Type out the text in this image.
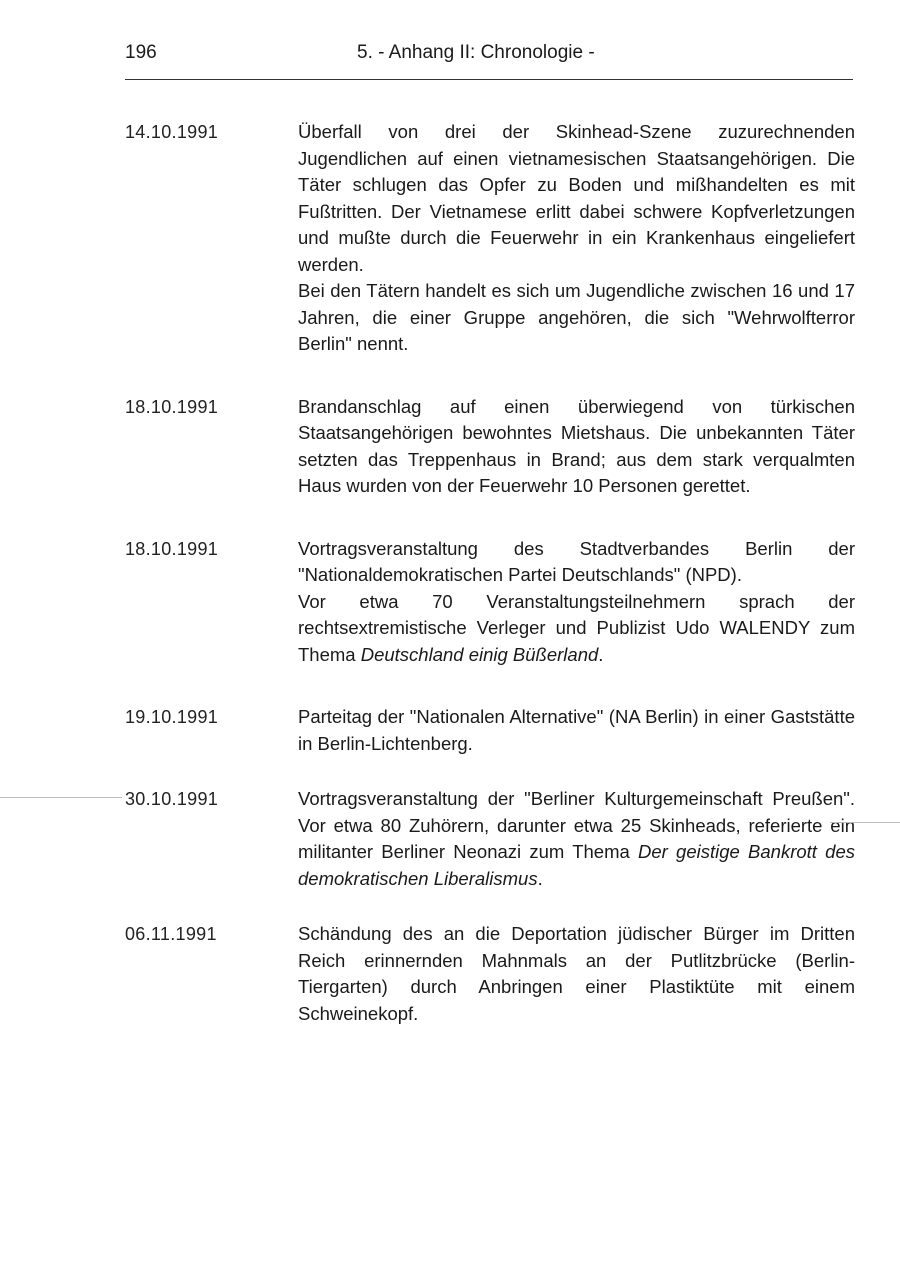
196	5. - Anhang II: Chronologie -
14.10.1991	Überfall von drei der Skinhead-Szene zuzurechnenden Jugendlichen auf einen vietnamesischen Staatsangehörigen. Die Täter schlugen das Opfer zu Boden und mißhandelten es mit Fußtritten. Der Vietnamese erlitt dabei schwere Kopfverletzungen und mußte durch die Feuerwehr in ein Krankenhaus eingeliefert werden.

Bei den Tätern handelt es sich um Jugendliche zwischen 16 und 17 Jahren, die einer Gruppe angehören, die sich "Wehrwolfterror Berlin" nennt.

18.10.1991	Brandanschlag auf einen überwiegend von türkischen Staatsangehörigen bewohntes Mietshaus. Die unbekannten Täter setzten das Treppenhaus in Brand; aus dem stark verqualmten Haus wurden von der Feuerwehr 10 Personen gerettet.

18.10.1991	Vortragsveranstaltung des Stadtverbandes Berlin der "Nationaldemokratischen Partei Deutschlands" (NPD).

Vor etwa 70 Veranstaltungsteilnehmern sprach der rechtsextremistische Verleger und Publizist Udo WALENDY zum Thema Deutschland einig Büßerland.

19.10.1991	Parteitag der "Nationalen Alternative" (NA Berlin) in einer Gaststätte in Berlin-Lichtenberg.

30.10.1991	Vortragsveranstaltung der "Berliner Kulturgemeinschaft Preußen". Vor etwa 80 Zuhörern, darunter etwa 25 Skinheads, referierte ein militanter Berliner Neonazi zum Thema Der geistige Bankrott des demokratischen Liberalismus.

06.11.1991	Schändung des an die Deportation jüdischer Bürger im Dritten Reich erinnernden Mahnmals an der Putlitzbrücke (Berlin-Tiergarten) durch Anbringen einer Plastiktüte mit einem Schweinekopf.
